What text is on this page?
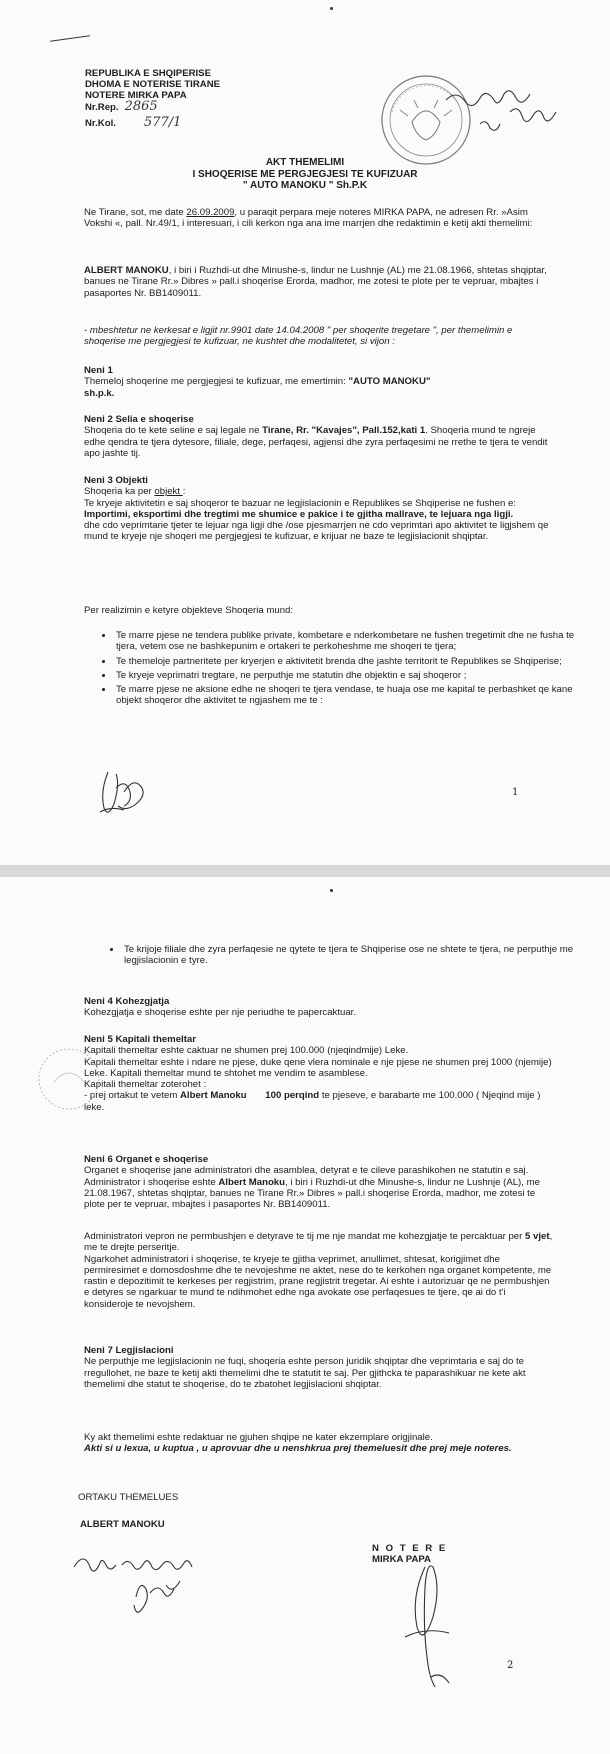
REPUBLIKA E SHQIPERISE
DHOMA E NOTERISE TIRANE
NOTERE MIRKA PAPA
Nr.Rep. 2865
Nr.Kol. 577/1
AKT THEMELIMI
I SHOQERISE ME PERGJEGJESI TE KUFIZUAR
" AUTO MANOKU " Sh.P.K

Ne Tirane, sot, me date 26.09.2009, u paraqit perpara meje noteres MIRKA PAPA, ne adresen Rr. »Asim Vokshi «, pall. Nr.49/1, i interesuari, i cili kerkon nga ana ime marrjen dhe redaktimin e ketij akti themelimi:

ALBERT MANOKU, i biri i Ruzhdi-ut dhe Minushe-s, lindur ne Lushnje (AL) me 21.08.1966, shtetas shqiptar, banues ne Tirane Rr.» Dibres » pall.i shoqerise Erorda, madhor, me zotesi te plote per te vepruar, mbajtes i pasaportes Nr. BB1409011.

- mbeshtetur ne kerkesat e ligjit nr.9901 date 14.04.2008 " per shoqerite tregetare ", per themelimin e shoqerise me pergjegjesi te kufizuar, ne kushtet dhe modalitetet, si vijon :

Neni 1
Themeloj shoqerine me pergjegjesi te kufizuar, me emertimin: "AUTO MANOKU"
sh.p.k.

Neni 2 Selia e shoqerise
Shoqeria do te kete seline e saj legale ne Tirane, Rr. "Kavajes", Pall.152,kati 1. Shoqeria mund te ngreje edhe qendra te tjera dytesore, filiale, dege, perfaqesi, agjensi dhe zyra perfaqesimi ne rrethe te tjera te vendit apo jashte tij.

Neni 3 Objekti
Shoqeria ka per objekt :
Te kryeje aktivitetin e saj shoqeror te bazuar ne legjislacionin e Republikes se Shqiperise ne fushen e:
Importimi, eksportimi dhe tregtimi me shumice e pakice i te gjitha mallrave, te lejuara nga ligji.
dhe cdo veprimtarie tjeter te lejuar nga ligji dhe /ose pjesmarrjen ne cdo veprimtari apo aktivitet te ligjshem qe mund te kryeje nje shoqeri me pergjegjesi te kufizuar, e krijuar ne baze te legjislacionit shqiptar.

Per realizimin e ketyre objekteve Shoqeria mund:

• Te marre pjese ne tendera publike private, kombetare e nderkombetare ne fushen tregetimit dhe ne fusha te tjera, vetem ose ne bashkepunim e ortakeri te perkoheshme me shoqeri te tjera;
• Te themeloje partneritete per kryerjen e aktivitetit brenda dhe jashte territorit te Republikes se Shqiperise;
• Te kryeje veprimatri tregtare, ne perputhje me statutin dhe objektin e saj shoqeror ;
• Te marre pjese ne aksione edhe ne shoqeri te tjera vendase, te huaja ose me kapital te perbashket qe kane objekt shoqeror dhe aktivitet te ngjashem me te :
1
• Te krijoje filiale dhe zyra perfaqesie ne qytete te tjera te Shqiperise ose ne shtete te tjera, ne perputhje me legjislacionin e tyre.

Neni 4 Kohezgjatja
Kohezgjatja e shoqerise eshte per nje periudhe te papercaktuar.

Neni 5 Kapitali themeltar
Kapitali themeltar eshte caktuar ne shumen prej 100.000 (njeqindmije) Leke.
Kapitali themeltar eshte i ndare ne pjese, duke qene vlera nominale e nje pjese ne shumen prej 1000 (njemije) Leke. Kapitali themeltar mund te shtohet me vendim te asamblese.
Kapitali themeltar zoterohet :
- prej ortakut te vetem Albert Manoku 100 perqind te pjeseve, e barabarte me 100.000 ( Njeqind mije ) leke.

Neni 6 Organet e shoqerise
Organet e shoqerise jane administratori dhe asamblea, detyrat e te cileve parashikohen ne statutin e saj. Administrator i shoqerise eshte Albert Manoku, i biri i Ruzhdi-ut dhe Minushe-s, lindur ne Lushnje (AL), me 21.08.1967, shtetas shqiptar, banues ne Tirane Rr.» Dibres » pall.i shoqerise Erorda, madhor, me zotesi te plote per te vepruar, mbajtes i pasaportes Nr. BB1409011.

Administratori vepron ne permbushjen e detyrave te tij me nje mandat me kohezgjatje te percaktuar per 5 vjet, me te drejte perseritje.
Ngarkohet administratori i shoqerise, te kryeje te gjitha veprimet, anullimet, shtesat, korigjimet dhe permiresimet e domosdoshme dhe te nevojeshme ne aktet, nese do te kerkohen nga organet kompetente, me rastin e depozitimit te kerkeses per regjistrim, prane regjistrit tregetar. Ai eshte i autorizuar qe ne permbushjen e detyres se ngarkuar te mund te ndihmohet edhe nga avokate ose perfaqesues te tjere, qe ai do t'i konsideroje te nevojshem.

Neni 7 Legjislacioni
Ne perputhje me legjislacionin ne fuqi, shoqeria eshte person juridik shqiptar dhe veprimtaria e saj do te rregullohet, ne baze te ketij akti themelimi dhe te statutit te saj. Per gjithcka te paparashikuar ne kete akt themelimi dhe statut te shoqerise, do te zbatohet legjislacioni shqiptar.

Ky akt themelimi eshte redaktuar ne gjuhen shqipe ne kater ekzemplare origjinale.
Akti si u lexua, u kuptua , u aprovuar dhe u nenshkrua prej themeluesit dhe prej meje noteres.

ORTAKU THEMELUES
ALBERT MANOKU
N O T E R E
MIRKA PAPA
2
